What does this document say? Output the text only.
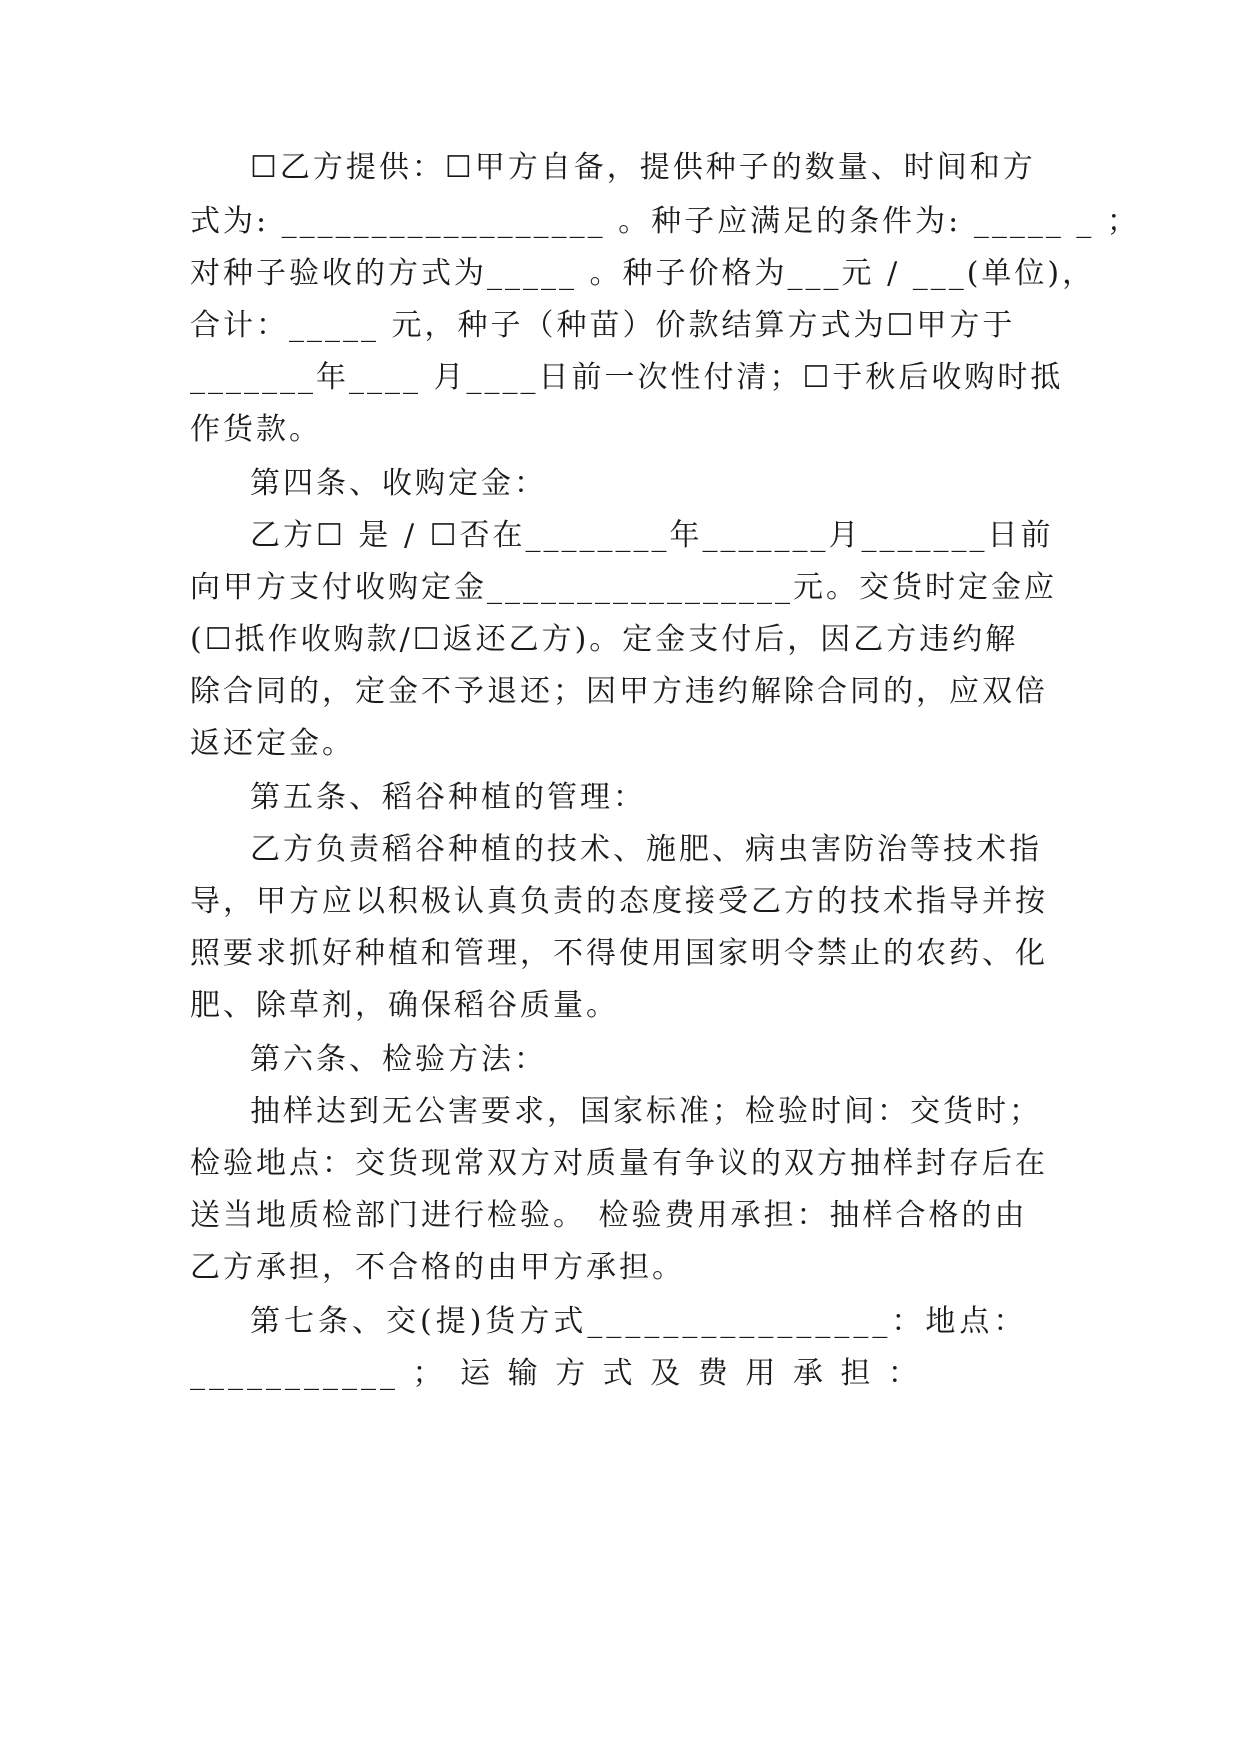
☐乙方提供：☐甲方自备，提供种子的数量、时间和方
式为: __________________ 。种子应满足的条件为: _____ _ ；
对种子验收的方式为_____ 。种子价格为___元 / ___(单位)，
合计：_____ 元，种子（种苗）价款结算方式为☐甲方于
_______年____ 月____日前一次性付清；☐于秋后收购时抵
作货款。
第四条、收购定金：
乙方☐ 是 / ☐否在________年_______月_______日前
向甲方支付收购定金_________________元。交货时定金应
(☐抵作收购款/☐返还乙方)。定金支付后，因乙方违约解
除合同的，定金不予退还；因甲方违约解除合同的，应双倍
返还定金。
第五条、稻谷种植的管理：
乙方负责稻谷种植的技术、施肥、病虫害防治等技术指
导，甲方应以积极认真负责的态度接受乙方的技术指导并按
照要求抓好种植和管理，不得使用国家明令禁止的农药、化
肥、除草剂，确保稻谷质量。
第六条、检验方法：
抽样达到无公害要求，国家标准；检验时间：交货时；
检验地点：交货现常双方对质量有争议的双方抽样封存后在
送当地质检部门进行检验。 检验费用承担：抽样合格的由
乙方承担，不合格的由甲方承担。
第七条、交(提)货方式________________：地点：
___________ ； 运 输 方 式 及 费 用 承 担 ：
